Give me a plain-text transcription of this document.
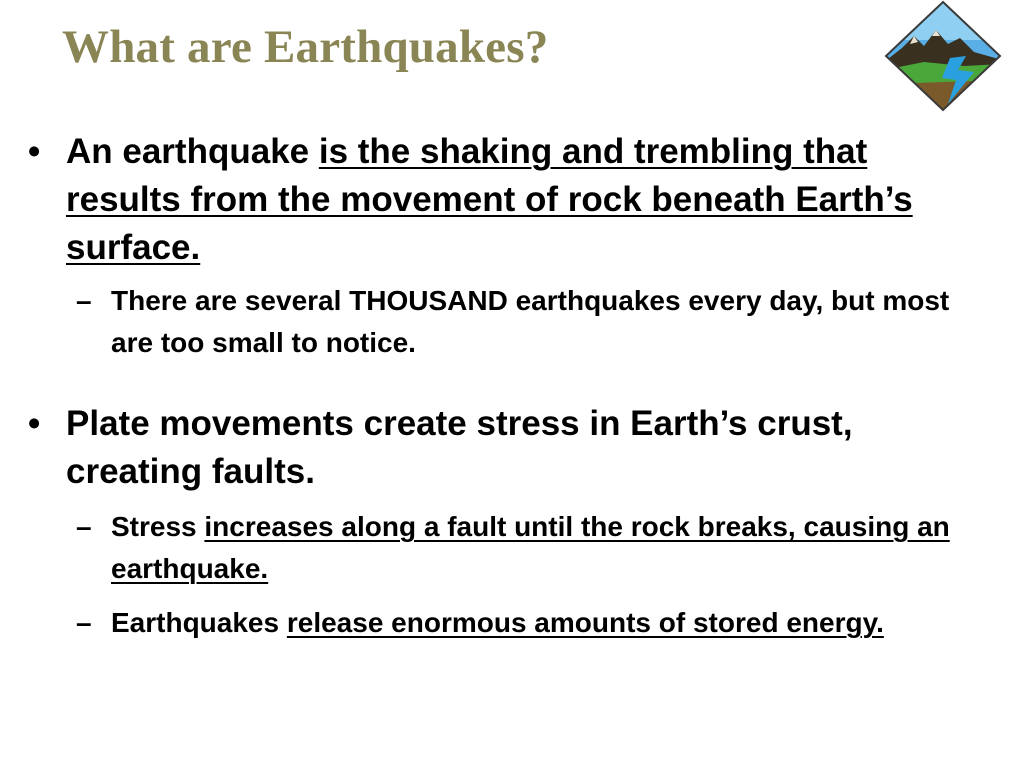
What are Earthquakes?
• An earthquake is the shaking and trembling that results from the movement of rock beneath Earth’s surface.
– There are several THOUSAND earthquakes every day, but most are too small to notice.
• Plate movements create stress in Earth’s crust, creating faults.
– Stress increases along a fault until the rock breaks, causing an earthquake.
– Earthquakes release enormous amounts of stored energy.
